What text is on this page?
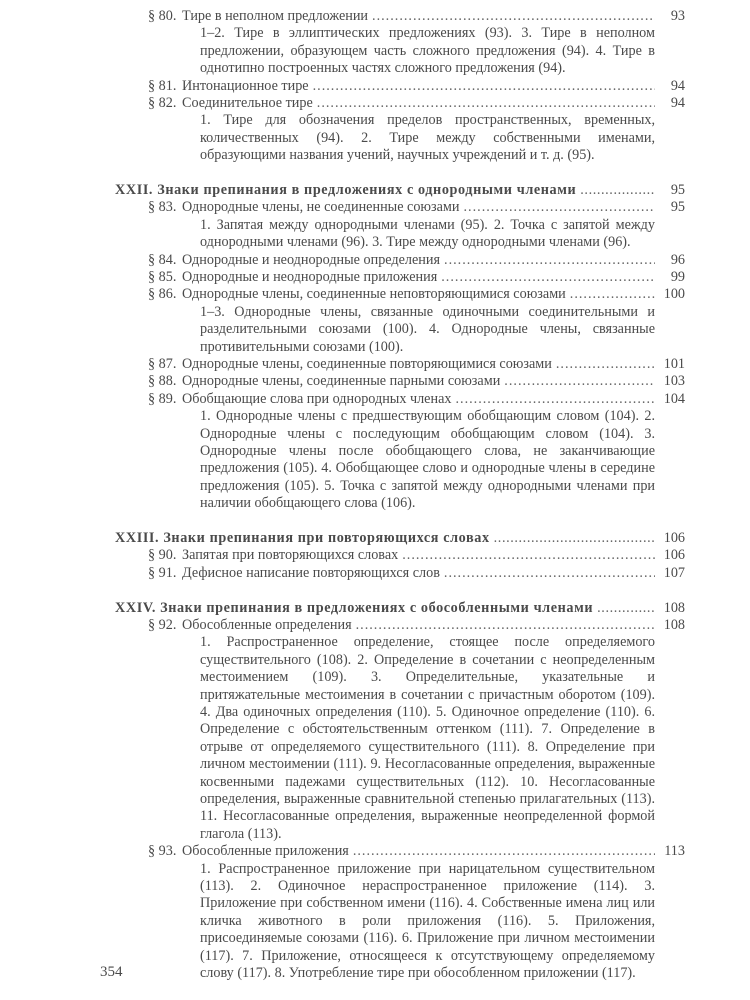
§ 80. Тире в неполном предложении .....	93
1–2. Тире в эллиптических предложениях (93). 3. Тире в неполном предложении, образующем часть сложного предложения (94). 4. Тире в однотипно построенных частях сложного предложения (94).
§ 81. Интонационное тире .....	94
§ 82. Соединительное тире .....	94
1. Тире для обозначения пределов пространственных, временных, количественных (94). 2. Тире между собственными именами, образующими названия учений, научных учреждений и т. д. (95).
XXII. Знаки препинания в предложениях с однородными членами .....	95
§ 83. Однородные члены, не соединенные союзами .....	95
1. Запятая между однородными членами (95). 2. Точка с запятой между однородными членами (96). 3. Тире между однородными членами (96).
§ 84. Однородные и неоднородные определения .....	96
§ 85. Однородные и неоднородные приложения .....	99
§ 86. Однородные члены, соединенные неповторяющимися союзами .....	100
1–3. Однородные члены, связанные одиночными соединительными и разделительными союзами (100). 4. Однородные члены, связанные противительными союзами (100).
§ 87. Однородные члены, соединенные повторяющимися союзами .....	101
§ 88. Однородные члены, соединенные парными союзами .....	103
§ 89. Обобщающие слова при однородных членах .....	104
1. Однородные члены с предшествующим обобщающим словом (104). 2. Однородные члены с последующим обобщающим словом (104). 3. Однородные члены после обобщающего слова, не заканчивающие предложения (105). 4. Обобщающее слово и однородные члены в середине предложения (105). 5. Точка с запятой между однородными членами при наличии обобщающего слова (106).
XXIII. Знаки препинания при повторяющихся словах .....	106
§ 90. Запятая при повторяющихся словах .....	106
§ 91. Дефисное написание повторяющихся слов .....	107
XXIV. Знаки препинания в предложениях с обособленными членами .....	108
§ 92. Обособленные определения .....	108
1. Распространенное определение, стоящее после определяемого существительного (108). 2. Определение в сочетании с неопределенным местоимением (109). 3. Определительные, указательные и притяжательные местоимения в сочетании с причастным оборотом (109). 4. Два одиночных определения (110). 5. Одиночное определение (110). 6. Определение с обстоятельственным оттенком (111). 7. Определение в отрыве от определяемого существительного (111). 8. Определение при личном местоимении (111). 9. Несогласованные определения, выраженные косвенными падежами существительных (112). 10. Несогласованные определения, выраженные сравнительной степенью прилагательных (113). 11. Несогласованные определения, выраженные неопределенной формой глагола (113).
§ 93. Обособленные приложения .....	113
1. Распространенное приложение при нарицательном существительном (113). 2. Одиночное нераспространенное приложение (114). 3. Приложение при собственном имени (116). 4. Собственные имена лиц или кличка животного в роли приложения (116). 5. Приложения, присоединяемые союзами (116). 6. Приложение при личном местоимении (117). 7. Приложение, относящееся к отсутствующему определяемому слову (117). 8. Употребление тире при обособленном приложении (117).
354
